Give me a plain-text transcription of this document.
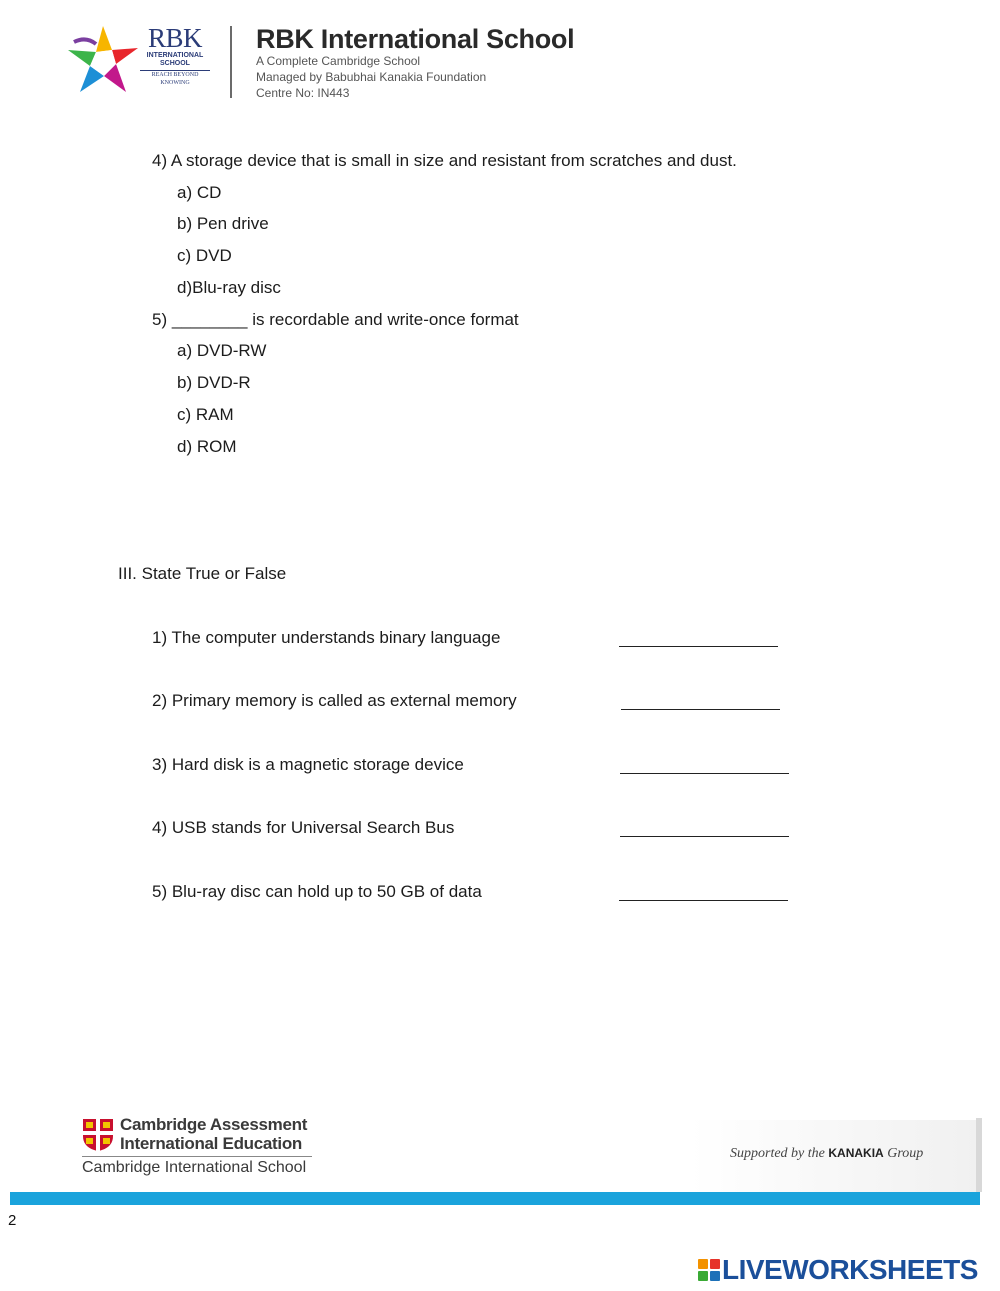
RBK
INTERNATIONAL
SCHOOL
REACH BEYOND
KNOWING
RBK International School
A Complete Cambridge School
Managed by Babubhai Kanakia Foundation
Centre No: IN443
4) A storage device that is small in size and resistant from scratches and dust.
a) CD
b) Pen drive
c) DVD
d)Blu-ray disc
5) ________ is recordable and write-once format
a) DVD-RW
b) DVD-R
c) RAM
d) ROM
III. State True or False
1) The computer understands binary language
2) Primary memory is called as external memory
3) Hard disk is a magnetic storage device
4) USB stands for Universal Search Bus
5) Blu-ray disc can hold up to 50 GB of data
Cambridge Assessment
International Education
Cambridge International School
Supported by the KANAKIA Group
2
LIVEWORKSHEETS
